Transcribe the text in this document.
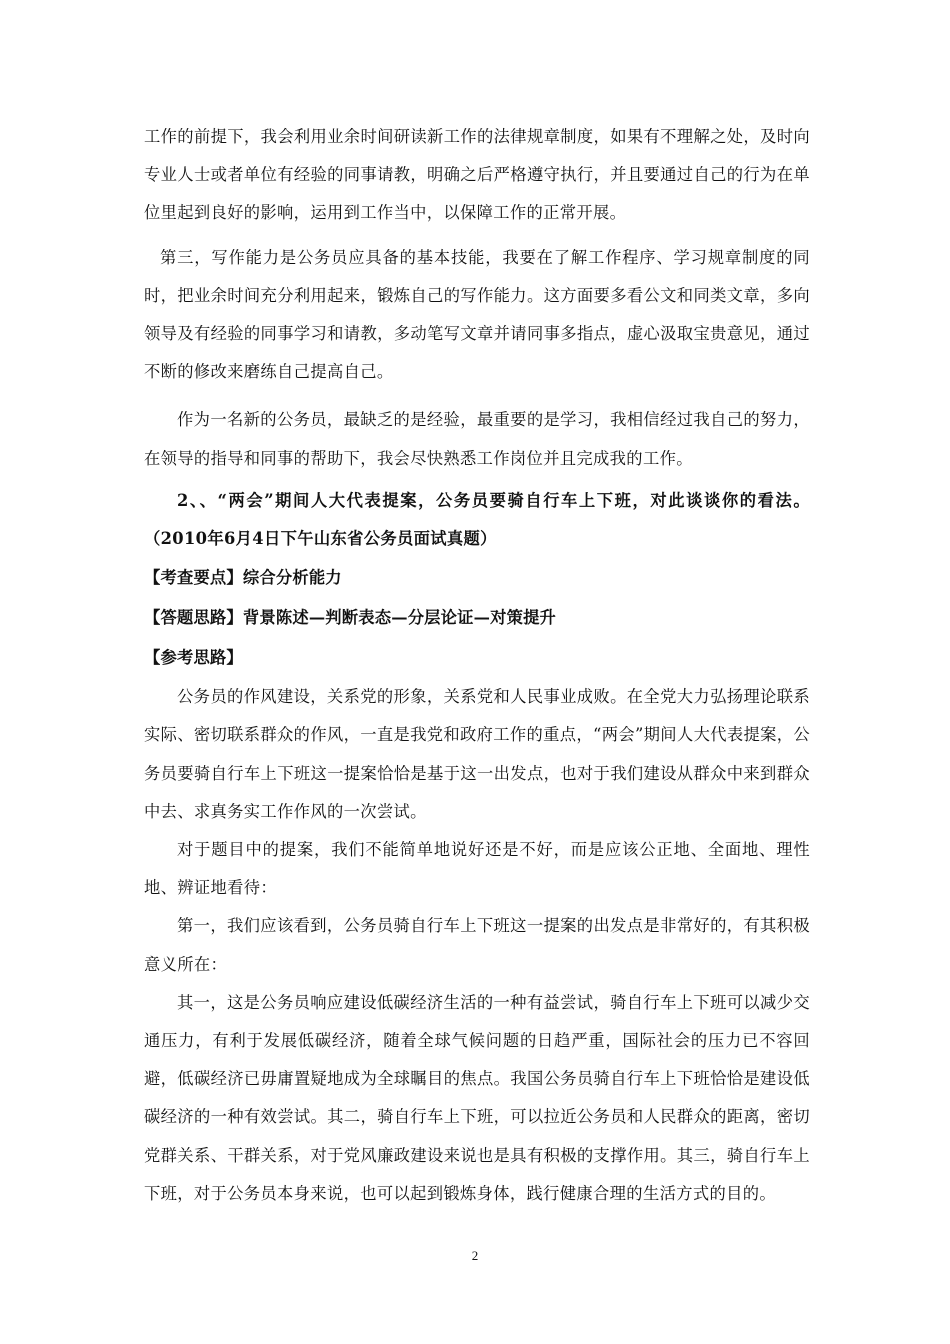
工作的前提下，我会利用业余时间研读新工作的法律规章制度，如果有不理解之处，及时向专业人士或者单位有经验的同事请教，明确之后严格遵守执行，并且要通过自己的行为在单位里起到良好的影响，运用到工作当中，以保障工作的正常开展。

第三，写作能力是公务员应具备的基本技能，我要在了解工作程序、学习规章制度的同时，把业余时间充分利用起来，锻炼自己的写作能力。这方面要多看公文和同类文章，多向领导及有经验的同事学习和请教，多动笔写文章并请同事多指点，虚心汲取宝贵意见，通过不断的修改来磨练自己提高自己。

作为一名新的公务员，最缺乏的是经验，最重要的是学习，我相信经过我自己的努力，在领导的指导和同事的帮助下，我会尽快熟悉工作岗位并且完成我的工作。

2、、“两会”期间人大代表提案，公务员要骑自行车上下班，对此谈谈你的看法。（2010年6月4日下午山东省公务员面试真题）

【考查要点】综合分析能力

【答题思路】背景陈述—判断表态—分层论证—对策提升

【参考思路】

公务员的作风建设，关系党的形象，关系党和人民事业成败。在全党大力弘扬理论联系实际、密切联系群众的作风，一直是我党和政府工作的重点，“两会”期间人大代表提案，公务员要骑自行车上下班这一提案恰恰是基于这一出发点，也对于我们建设从群众中来到群众中去、求真务实工作作风的一次尝试。

对于题目中的提案，我们不能简单地说好还是不好，而是应该公正地、全面地、理性地、辨证地看待：

第一，我们应该看到，公务员骑自行车上下班这一提案的出发点是非常好的，有其积极意义所在：

其一，这是公务员响应建设低碳经济生活的一种有益尝试，骑自行车上下班可以减少交通压力，有利于发展低碳经济，随着全球气候问题的日趋严重，国际社会的压力已不容回避，低碳经济已毋庸置疑地成为全球瞩目的焦点。我国公务员骑自行车上下班恰恰是建设低碳经济的一种有效尝试。其二，骑自行车上下班，可以拉近公务员和人民群众的距离，密切党群关系、干群关系，对于党风廉政建设来说也是具有积极的支撑作用。其三，骑自行车上下班，对于公务员本身来说，也可以起到锻炼身体，践行健康合理的生活方式的目的。

2
